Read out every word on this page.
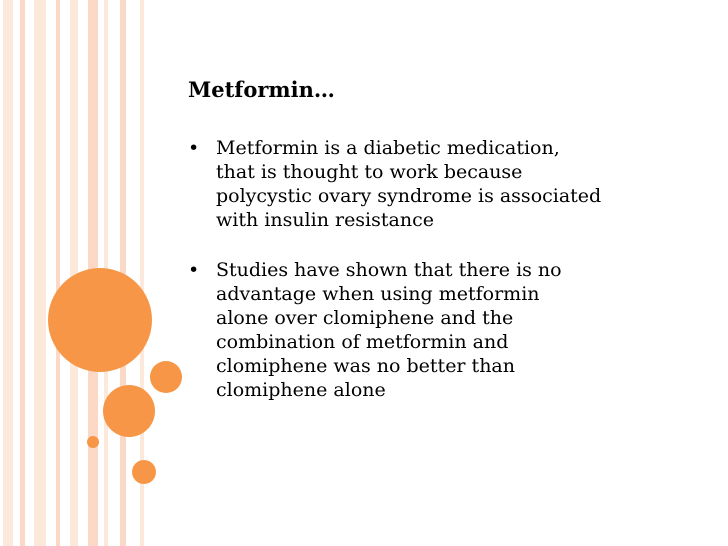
Metformin…
• Metformin is a diabetic medication,
that is thought to work because
polycystic ovary syndrome is associated
with insulin resistance
• Studies have shown that there is no
advantage when using metformin
alone over clomiphene and the
combination of metformin and
clomiphene was no better than
clomiphene alone
